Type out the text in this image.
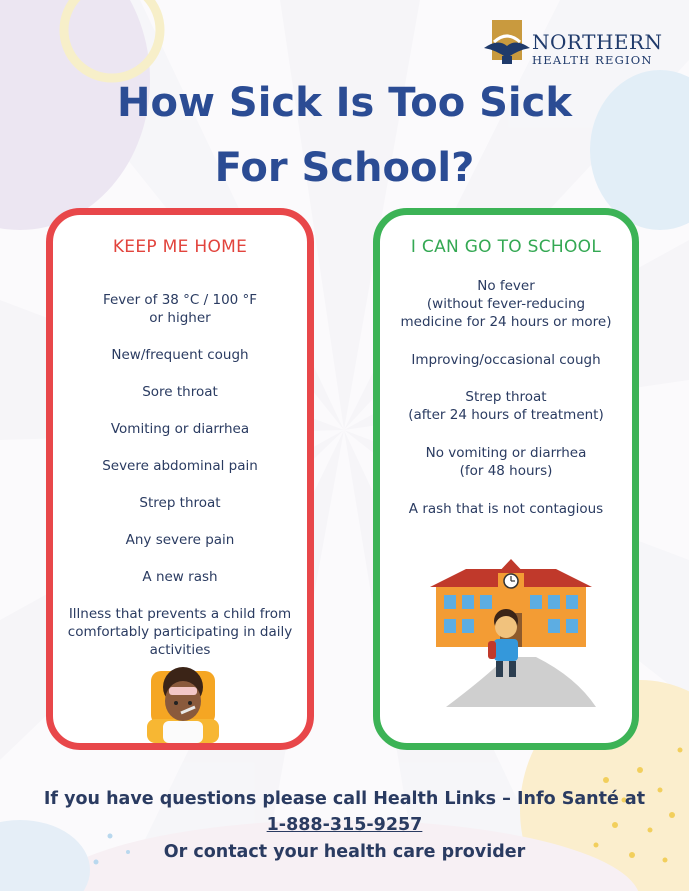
NORTHERN
HEALTH REGION
How Sick Is Too Sick
For School?
KEEP ME HOME
Fever of 38 °C / 100 °F
or higher
New/frequent cough
Sore throat
Vomiting or diarrhea
Severe abdominal pain
Strep throat
Any severe pain
A new rash
Illness that prevents a child from
comfortably participating in daily
activities
I CAN GO TO SCHOOL
No fever
(without fever-reducing
medicine for 24 hours or more)
Improving/occasional cough
Strep throat
(after 24 hours of treatment)
No vomiting or diarrhea
(for 48 hours)
A rash that is not contagious

If you have questions please call Health Links – Info Santé at

1-888-315-9257

Or contact your health care provider
